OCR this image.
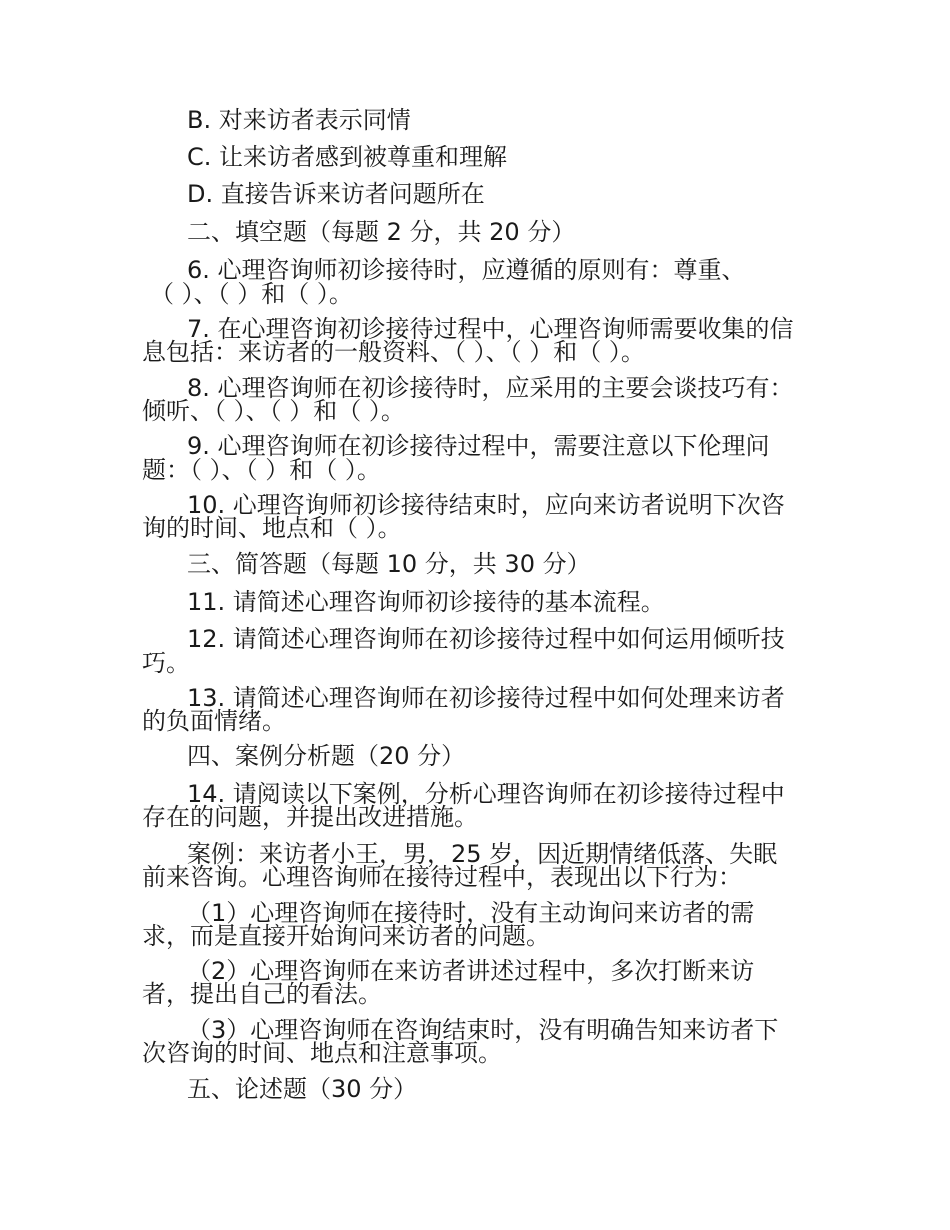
B. 对来访者表示同情
C. 让来访者感到被尊重和理解
D. 直接告诉来访者问题所在
二、填空题（每题 2 分，共 20 分）
6. 心理咨询师初诊接待时，应遵循的原则有：尊重、
（ ）、（ ）和（ ）。
7. 在心理咨询初诊接待过程中，心理咨询师需要收集的信
息包括：来访者的一般资料、（ ）、（ ）和（ ）。
8. 心理咨询师在初诊接待时，应采用的主要会谈技巧有：
倾听、（ ）、（ ）和（ ）。
9. 心理咨询师在初诊接待过程中，需要注意以下伦理问
题：（ ）、（ ）和（ ）。
10. 心理咨询师初诊接待结束时，应向来访者说明下次咨
询的时间、地点和（ ）。
三、简答题（每题 10 分，共 30 分）
11. 请简述心理咨询师初诊接待的基本流程。
12. 请简述心理咨询师在初诊接待过程中如何运用倾听技
巧。
13. 请简述心理咨询师在初诊接待过程中如何处理来访者
的负面情绪。
四、案例分析题（20 分）
14. 请阅读以下案例，分析心理咨询师在初诊接待过程中
存在的问题，并提出改进措施。
案例：来访者小王，男，25 岁，因近期情绪低落、失眠
前来咨询。心理咨询师在接待过程中，表现出以下行为：
（1）心理咨询师在接待时，没有主动询问来访者的需
求，而是直接开始询问来访者的问题。
（2）心理咨询师在来访者讲述过程中，多次打断来访
者，提出自己的看法。
（3）心理咨询师在咨询结束时，没有明确告知来访者下
次咨询的时间、地点和注意事项。
五、论述题（30 分）
